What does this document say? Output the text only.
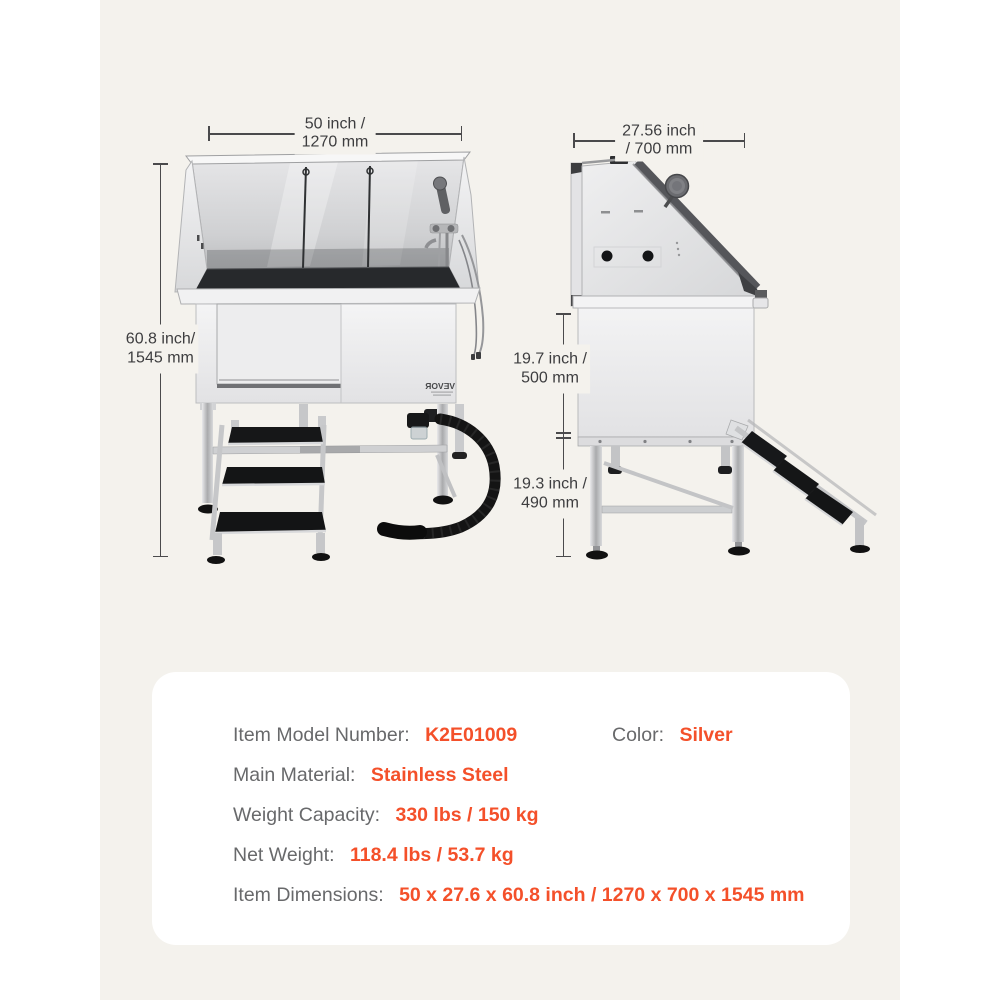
VEVOR
50 inch /
1270 mm
27.56 inch
/ 700 mm
60.8 inch/
1545 mm	19.7 inch /
500 mm
19.3 inch /
490 mm
Item Model Number: K2E01009	Color: Silver
Main Material: Stainless Steel
Weight Capacity: 330 lbs / 150 kg
Net Weight: 118.4 lbs / 53.7 kg
Item Dimensions: 50 x 27.6 x 60.8 inch / 1270 x 700 x 1545 mm
